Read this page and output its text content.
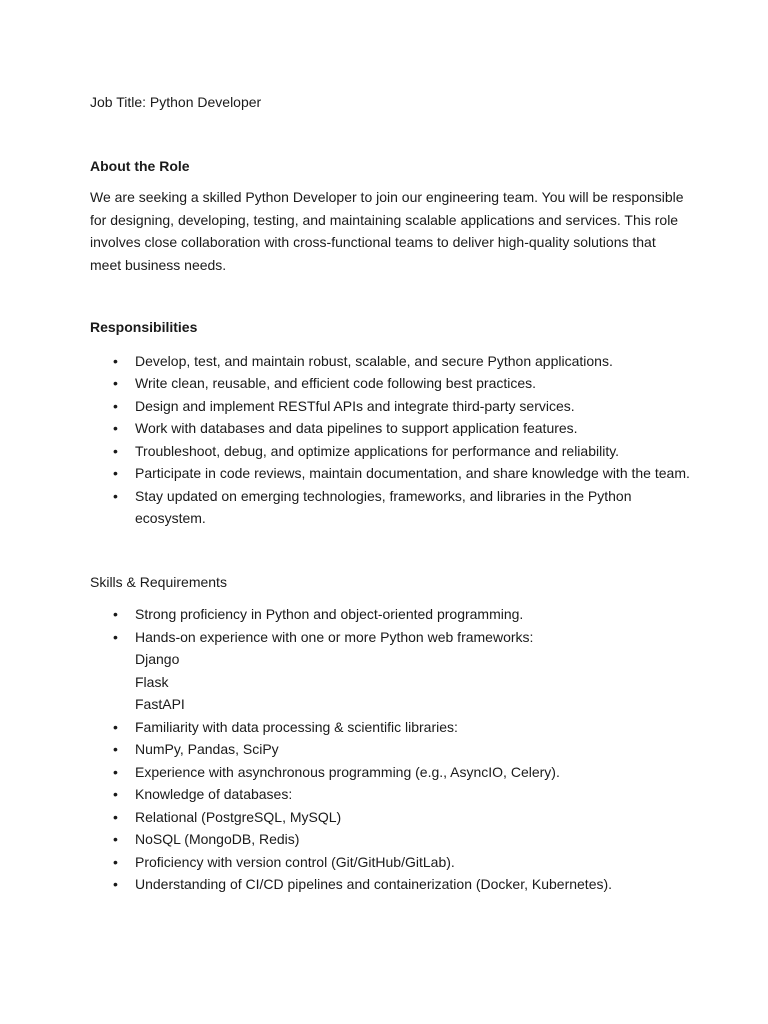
Job Title: Python Developer

About the Role

We are seeking a skilled Python Developer to join our engineering team. You will be responsible for designing, developing, testing, and maintaining scalable applications and services. This role involves close collaboration with cross-functional teams to deliver high-quality solutions that meet business needs.

Responsibilities

• Develop, test, and maintain robust, scalable, and secure Python applications.
• Write clean, reusable, and efficient code following best practices.
• Design and implement RESTful APIs and integrate third-party services.
• Work with databases and data pipelines to support application features.
• Troubleshoot, debug, and optimize applications for performance and reliability.
• Participate in code reviews, maintain documentation, and share knowledge with the team.
• Stay updated on emerging technologies, frameworks, and libraries in the Python ecosystem.

Skills & Requirements

• Strong proficiency in Python and object-oriented programming.
• Hands-on experience with one or more Python web frameworks:
Django
Flask
FastAPI
• Familiarity with data processing & scientific libraries:
• NumPy, Pandas, SciPy
• Experience with asynchronous programming (e.g., AsyncIO, Celery).
• Knowledge of databases:
• Relational (PostgreSQL, MySQL)
• NoSQL (MongoDB, Redis)
• Proficiency with version control (Git/GitHub/GitLab).
• Understanding of CI/CD pipelines and containerization (Docker, Kubernetes).
